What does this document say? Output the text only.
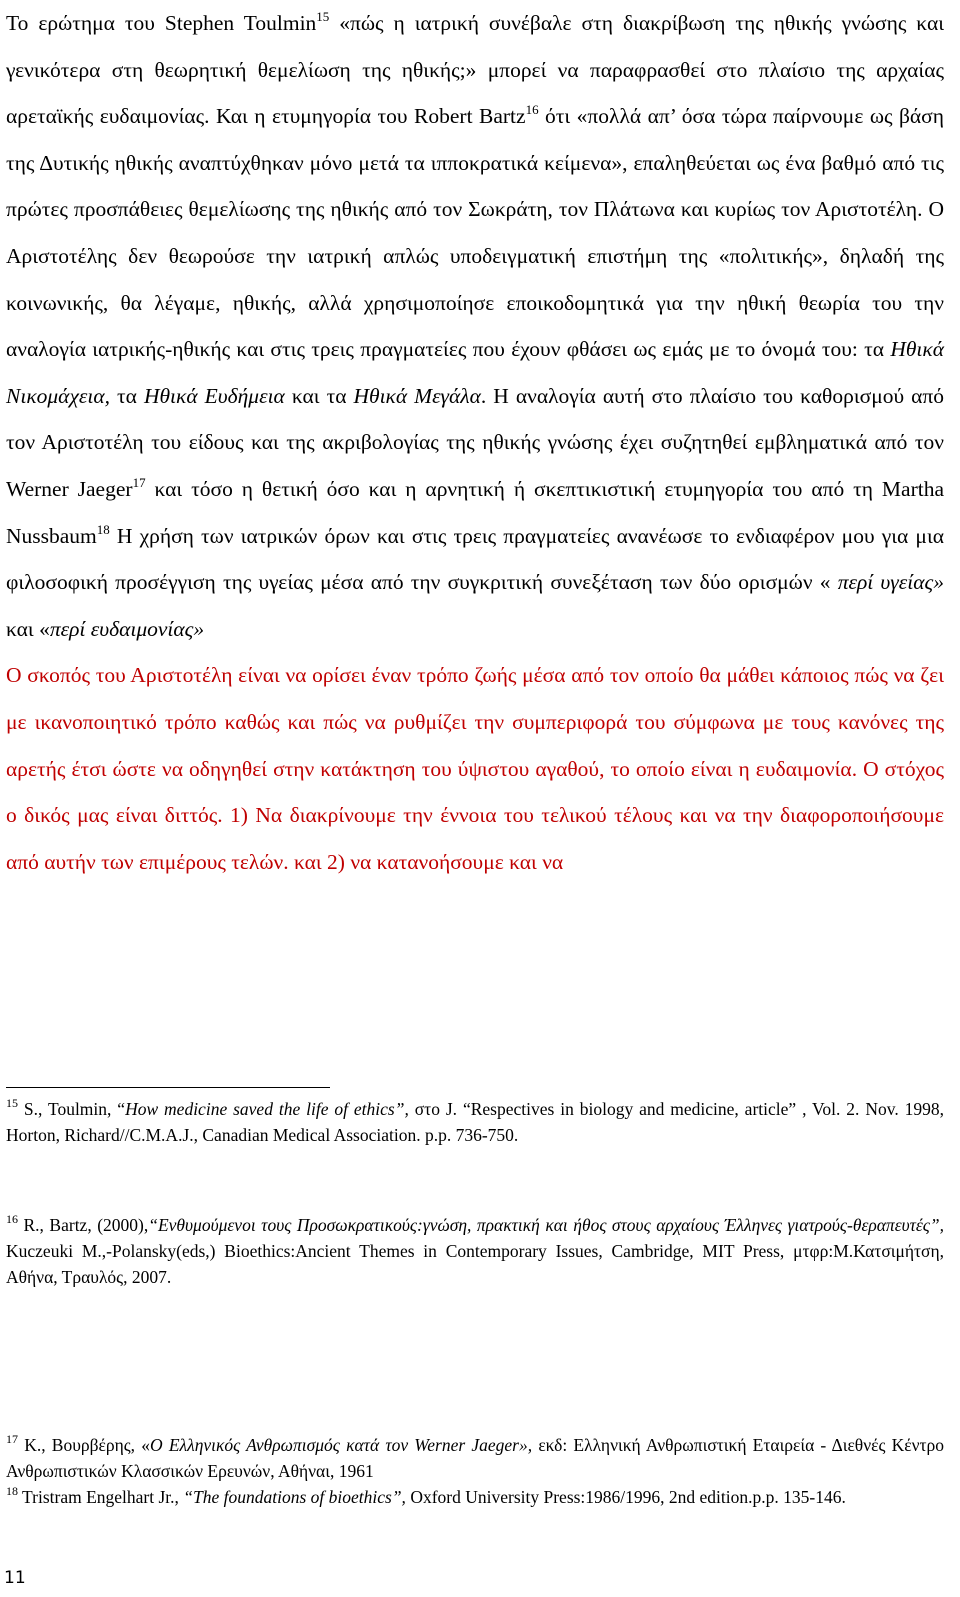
Το ερώτημα του Stephen Toulmin$^{15}$ «πώς η ιατρική συνέβαλε στη διακρίβωση της ηθικής γνώσης και γενικότερα στη θεωρητική θεμελίωση της ηθικής;» μπορεί να παραφρασθεί στο πλαίσιο της αρχαίας αρεταϊκής ευδαιμονίας. Και η ετυμηγορία του Robert Bartz$^{16}$ ότι «πολλά απ’ όσα τώρα παίρνουμε ως βάση της Δυτικής ηθικής αναπτύχθηκαν μόνο μετά τα ιπποκρατικά κείμενα», επαληθεύεται ως ένα βαθμό από τις πρώτες προσπάθειες θεμελίωσης της ηθικής από τον Σωκράτη, τον Πλάτωνα και κυρίως τον Αριστοτέλη. Ο Αριστοτέλης δεν θεωρούσε την ιατρική απλώς υποδειγματική επιστήμη της «πολιτικής», δηλαδή της κοινωνικής, θα λέγαμε, ηθικής, αλλά χρησιμοποίησε εποικοδομητικά για την ηθική θεωρία του την αναλογία ιατρικής-ηθικής και στις τρεις πραγματείες που έχουν φθάσει ως εμάς με το όνομά του: τα Ηθικά Νικομάχεια, τα Ηθικά Ευδήμεια και τα Ηθικά Μεγάλα. Η αναλογία αυτή στο πλαίσιο του καθορισμού από τον Αριστοτέλη του είδους και της ακριβολογίας της ηθικής γνώσης έχει συζητηθεί εμβληματικά από τον Werner Jaeger$^{17}$ και τόσο η θετική όσο και η αρνητική ή σκεπτικιστική ετυμηγορία του από τη Martha Nussbaum$^{18}$ Η χρήση των ιατρικών όρων και στις τρεις πραγματείες ανανέωσε το ενδιαφέρον μου για μια φιλοσοφική προσέγγιση της υγείας μέσα από την συγκριτική συνεξέταση των δύο ορισμών « περί υγείας» και «περί ευδαιμονίας»

Ο σκοπός του Αριστοτέλη είναι να ορίσει έναν τρόπο ζωής μέσα από τον οποίο θα μάθει κάποιος πώς να ζει με ικανοποιητικό τρόπο καθώς και πώς να ρυθμίζει την συμπεριφορά του σύμφωνα με τους κανόνες της αρετής έτσι ώστε να οδηγηθεί στην κατάκτηση του ύψιστου αγαθού, το οποίο είναι η ευδαιμονία. Ο στόχος ο δικός μας είναι διττός. 1) Να διακρίνουμε την έννοια του τελικού τέλους και να την διαφοροποιήσουμε από αυτήν των επιμέρους τελών. και 2) να κατανοήσουμε και να

$^{15}$ S., Toulmin, “How medicine saved the life of ethics”, στο J. “Respectives in biology and medicine, article” , Vol. 2. Nov. 1998, Horton, Richard//C.M.A.J., Canadian Medical Association. p.p. 736-750.

$^{16}$ R., Bartz, (2000),“Ενθυμούμενοι τους Προσωκρατικούς:γνώση, πρακτική και ήθος στους αρχαίους Έλληνες γιατρούς-θεραπευτές”, Kuczeuki M.,-Polansky(eds,) Bioethics:Ancient Themes in Contemporary Issues, Cambridge, MIT Press, μτφρ:Μ.Κατσιμήτση, Αθήνα, Τραυλός, 2007.

$^{17}$ K., Βουρβέρης, «Ο Ελληνικός Ανθρωπισμός κατά τον Werner Jaeger», εκδ: Ελληνική Ανθρωπιστική Εταιρεία - Διεθνές Κέντρο Ανθρωπιστικών Κλασσικών Ερευνών, Αθήναι, 1961

$^{18}$ Tristram Engelhart Jr., “The foundations of bioethics”, Oxford University Press:1986/1996, 2nd edition.p.p. 135-146.

11
